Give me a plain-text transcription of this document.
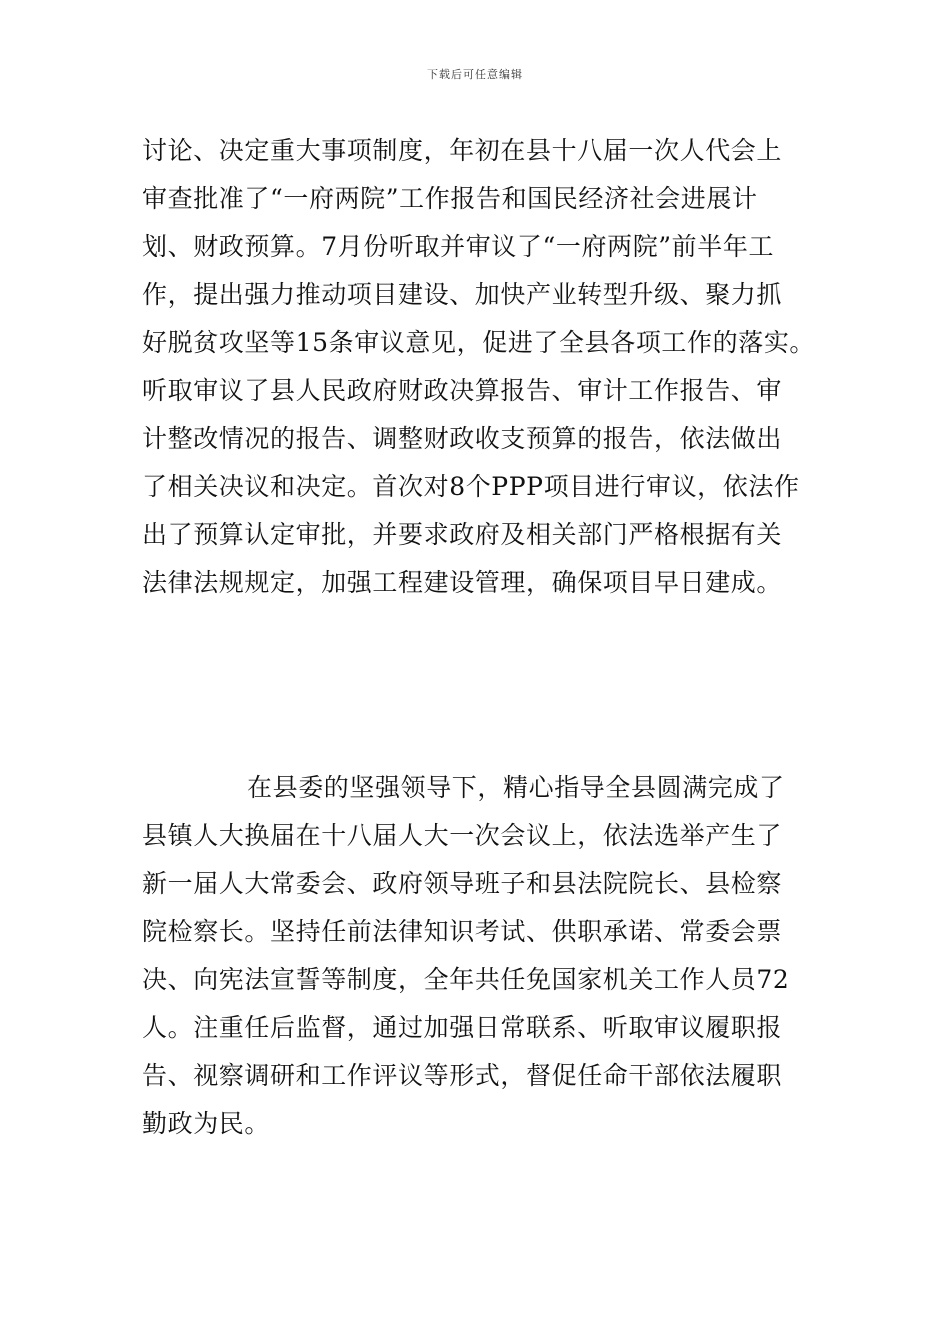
下载后可任意编辑
讨论、决定重大事项制度，年初在县十八届一次人代会上
审查批准了“一府两院”工作报告和国民经济社会进展计
划、财政预算。7月份听取并审议了“一府两院”前半年工
作，提出强力推动项目建设、加快产业转型升级、聚力抓
好脱贫攻坚等15条审议意见，促进了全县各项工作的落实。
听取审议了县人民政府财政决算报告、审计工作报告、审
计整改情况的报告、调整财政收支预算的报告，依法做出
了相关决议和决定。首次对8个PPP项目进行审议，依法作
出了预算认定审批，并要求政府及相关部门严格根据有关
法律法规规定，加强工程建设管理，确保项目早日建成。
在县委的坚强领导下，精心指导全县圆满完成了
县镇人大换届在十八届人大一次会议上，依法选举产生了
新一届人大常委会、政府领导班子和县法院院长、县检察
院检察长。坚持任前法律知识考试、供职承诺、常委会票
决、向宪法宣誓等制度，全年共任免国家机关工作人员72
人。注重任后监督，通过加强日常联系、听取审议履职报
告、视察调研和工作评议等形式，督促任命干部依法履职
勤政为民。
